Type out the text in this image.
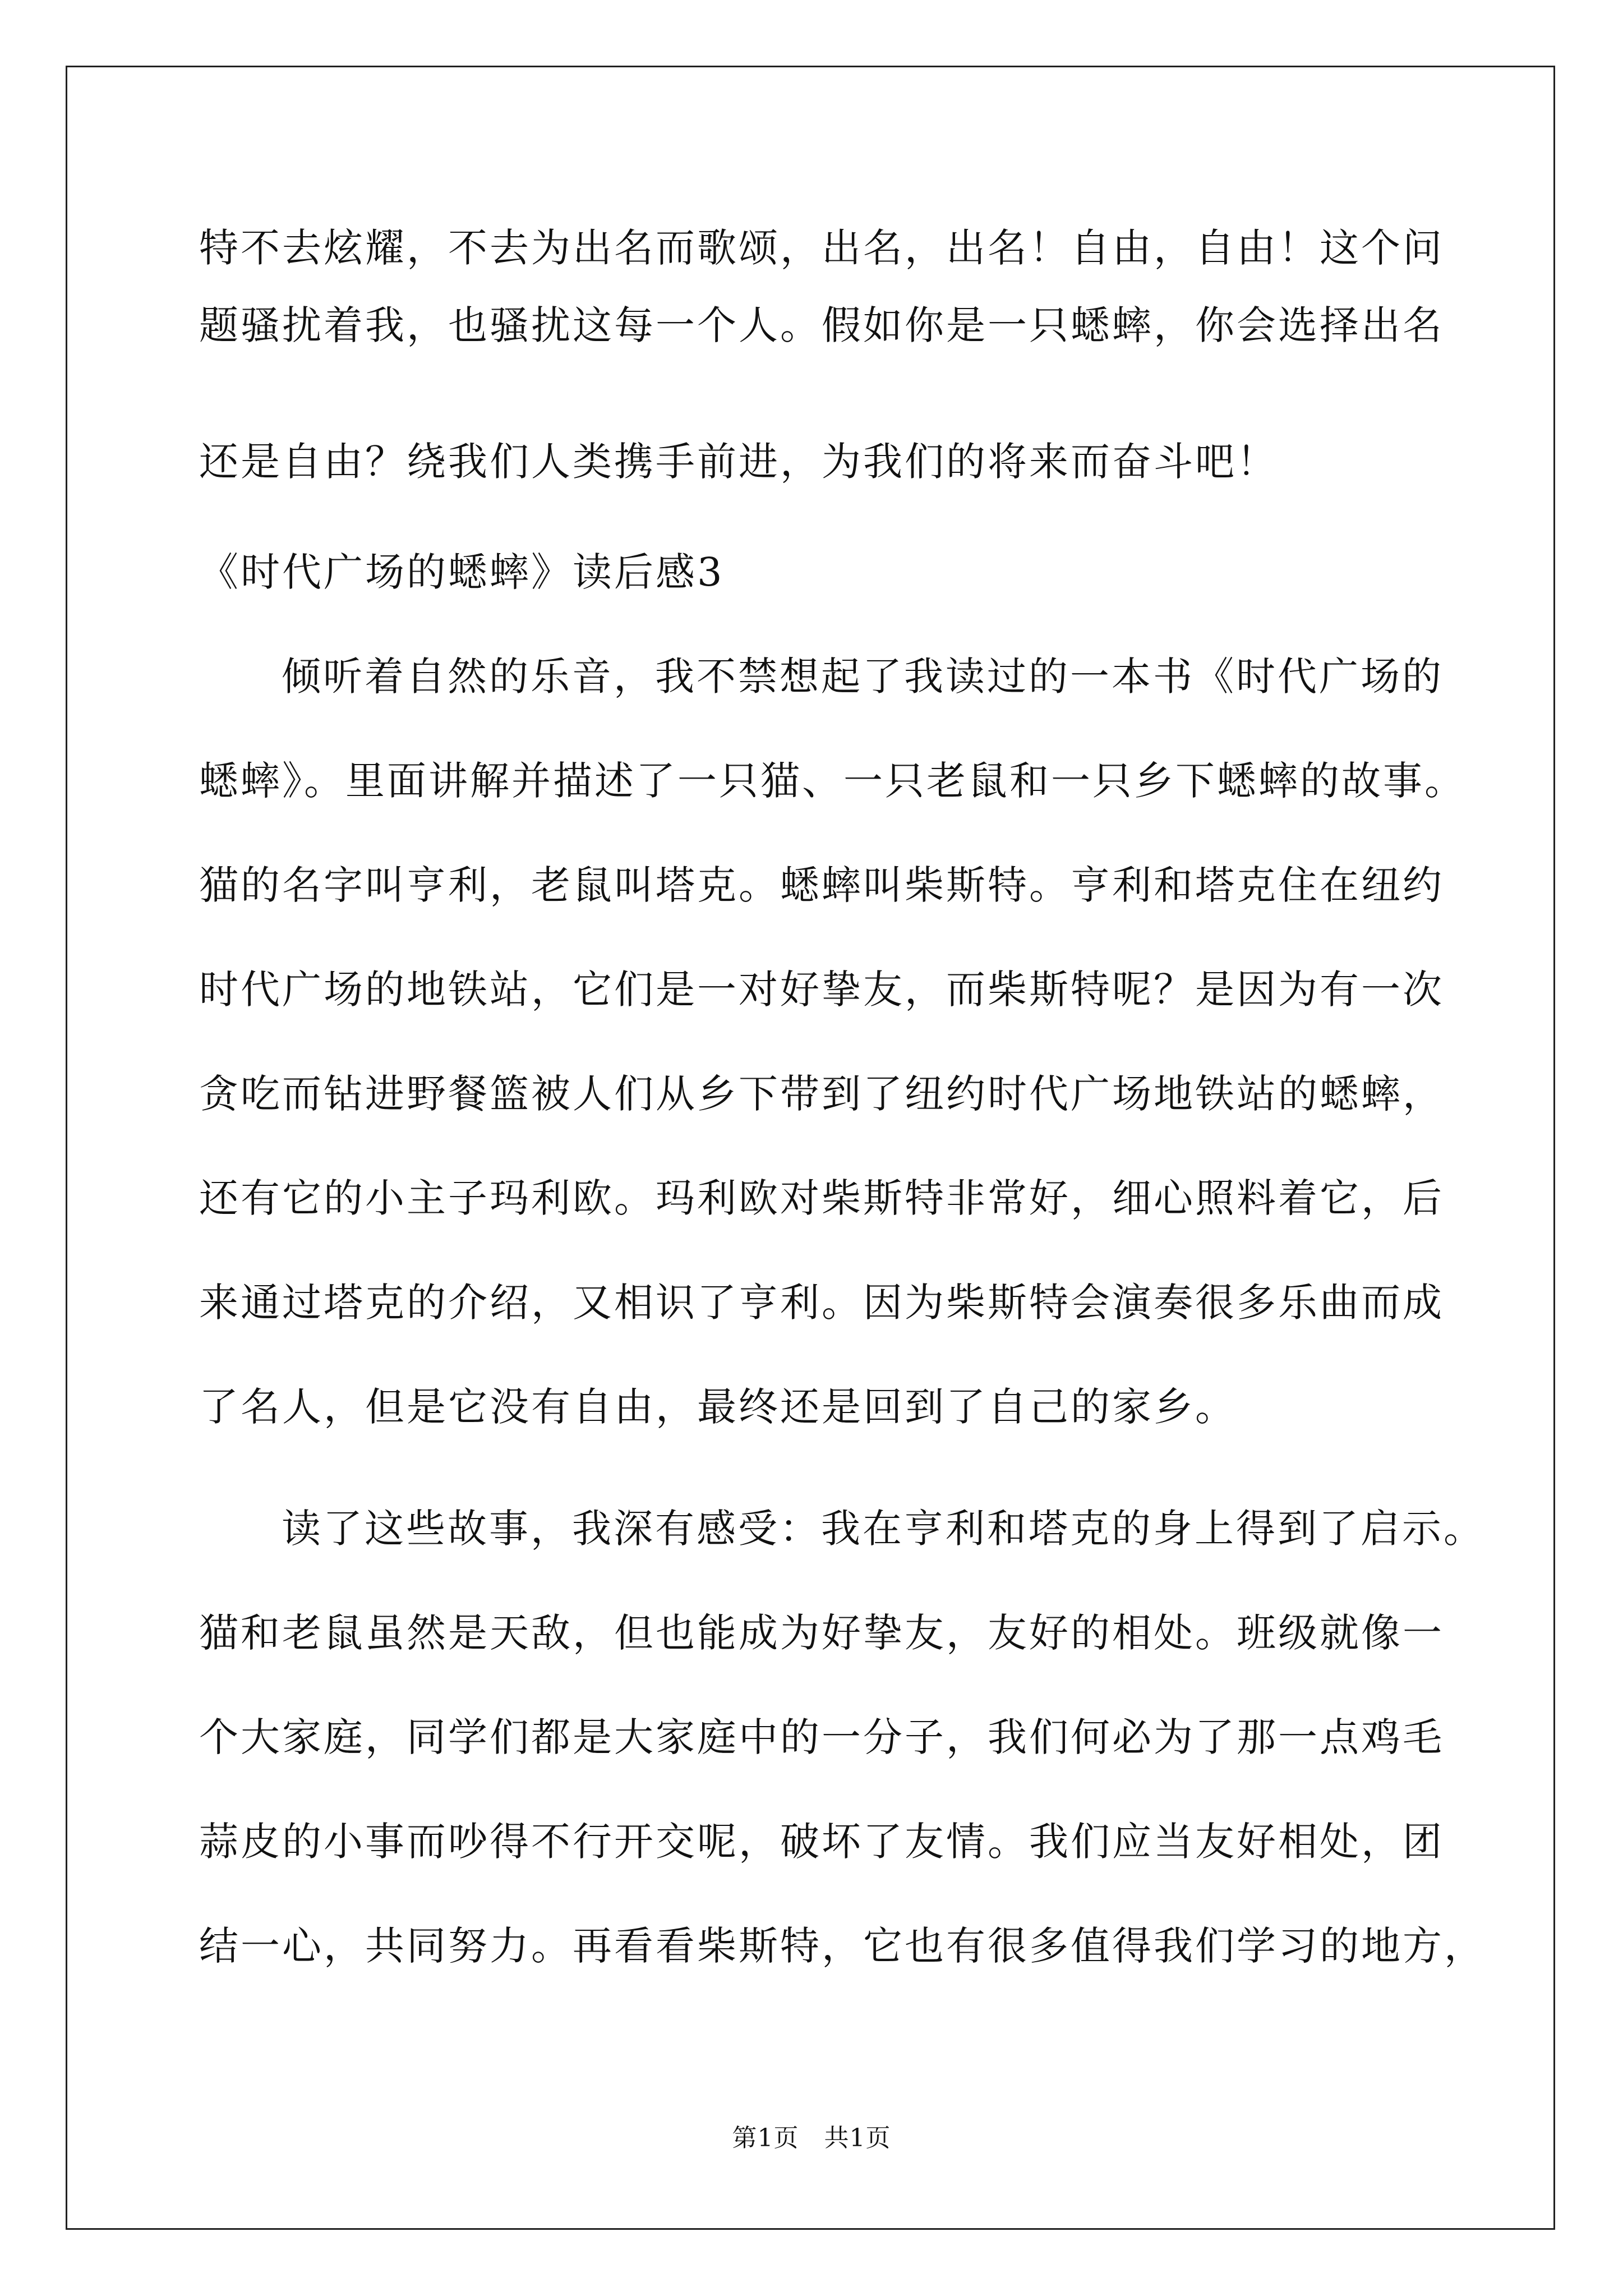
特不去炫耀，不去为出名而歌颂，出名，出名！自由，自由！这个问
题骚扰着我，也骚扰这每一个人。假如你是一只蟋蟀，你会选择出名
还是自由？绕我们人类携手前进，为我们的将来而奋斗吧！
《时代广场的蟋蟀》读后感3
倾听着自然的乐音，我不禁想起了我读过的一本书《时代广场的
蟋蟀》。里面讲解并描述了一只猫、一只老鼠和一只乡下蟋蟀的故事。
猫的名字叫亨利，老鼠叫塔克。蟋蟀叫柴斯特。亨利和塔克住在纽约
时代广场的地铁站，它们是一对好挚友，而柴斯特呢？是因为有一次
贪吃而钻进野餐篮被人们从乡下带到了纽约时代广场地铁站的蟋蟀，
还有它的小主子玛利欧。玛利欧对柴斯特非常好，细心照料着它，后
来通过塔克的介绍，又相识了亨利。因为柴斯特会演奏很多乐曲而成
了名人，但是它没有自由，最终还是回到了自己的家乡。
读了这些故事，我深有感受：我在亨利和塔克的身上得到了启示。
猫和老鼠虽然是天敌，但也能成为好挚友，友好的相处。班级就像一
个大家庭，同学们都是大家庭中的一分子，我们何必为了那一点鸡毛
蒜皮的小事而吵得不行开交呢，破坏了友情。我们应当友好相处，团
结一心，共同努力。再看看柴斯特，它也有很多值得我们学习的地方，
第1页　共1页
